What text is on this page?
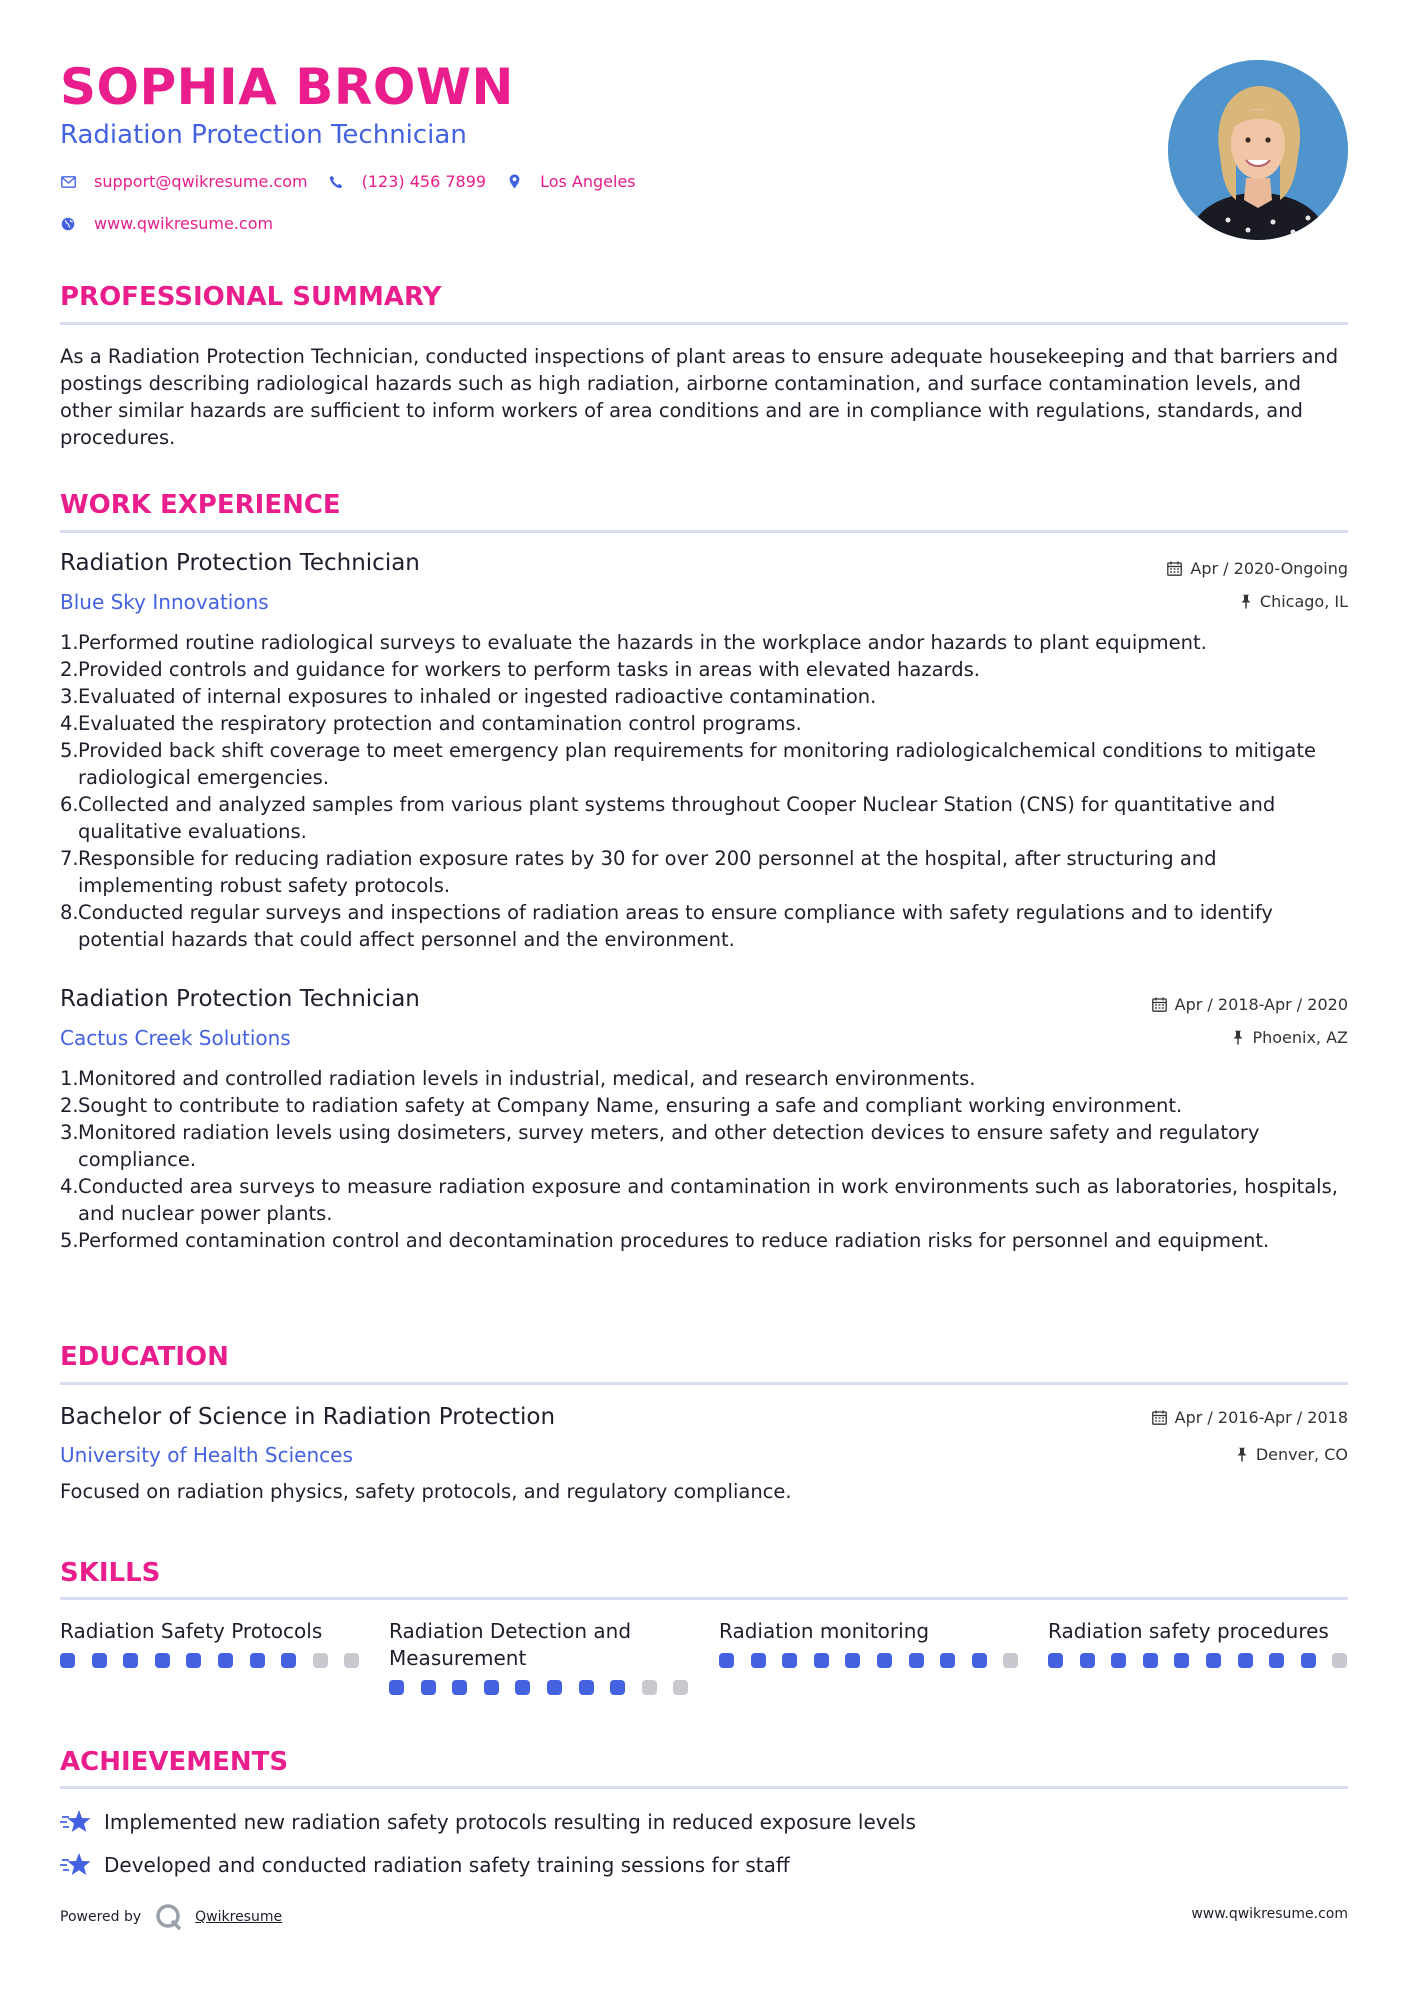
SOPHIA BROWN
Radiation Protection Technician
support@qwikresume.com	(123) 456 7899	Los Angeles
www.qwikresume.com
PROFESSIONAL SUMMARY
As a Radiation Protection Technician, conducted inspections of plant areas to ensure adequate housekeeping and that barriers and postings describing radiological hazards such as high radiation, airborne contamination, and surface contamination levels, and other similar hazards are sufficient to inform workers of area conditions and are in compliance with regulations, standards, and procedures.
WORK EXPERIENCE
Radiation Protection Technician
Blue Sky Innovations
Apr / 2020-Ongoing
Chicago, IL
1. Performed routine radiological surveys to evaluate the hazards in the workplace andor hazards to plant equipment.
2. Provided controls and guidance for workers to perform tasks in areas with elevated hazards.
3. Evaluated of internal exposures to inhaled or ingested radioactive contamination.
4. Evaluated the respiratory protection and contamination control programs.
5. Provided back shift coverage to meet emergency plan requirements for monitoring radiologicalchemical conditions to mitigate radiological emergencies.
6. Collected and analyzed samples from various plant systems throughout Cooper Nuclear Station (CNS) for quantitative and qualitative evaluations.
7. Responsible for reducing radiation exposure rates by 30 for over 200 personnel at the hospital, after structuring and implementing robust safety protocols.
8. Conducted regular surveys and inspections of radiation areas to ensure compliance with safety regulations and to identify potential hazards that could affect personnel and the environment.
Radiation Protection Technician
Cactus Creek Solutions
Apr / 2018-Apr / 2020
Phoenix, AZ
1. Monitored and controlled radiation levels in industrial, medical, and research environments.
2. Sought to contribute to radiation safety at Company Name, ensuring a safe and compliant working environment.
3. Monitored radiation levels using dosimeters, survey meters, and other detection devices to ensure safety and regulatory compliance.
4. Conducted area surveys to measure radiation exposure and contamination in work environments such as laboratories, hospitals, and nuclear power plants.
5. Performed contamination control and decontamination procedures to reduce radiation risks for personnel and equipment.
EDUCATION
Bachelor of Science in Radiation Protection
University of Health Sciences
Apr / 2016-Apr / 2018
Denver, CO
Focused on radiation physics, safety protocols, and regulatory compliance.
SKILLS
Radiation Safety Protocols	Radiation Detection and Measurement
Radiation monitoring	Radiation safety procedures
ACHIEVEMENTS
Implemented new radiation safety protocols resulting in reduced exposure levels
Developed and conducted radiation safety training sessions for staff
Powered by	Qwikresume	www.qwikresume.com
